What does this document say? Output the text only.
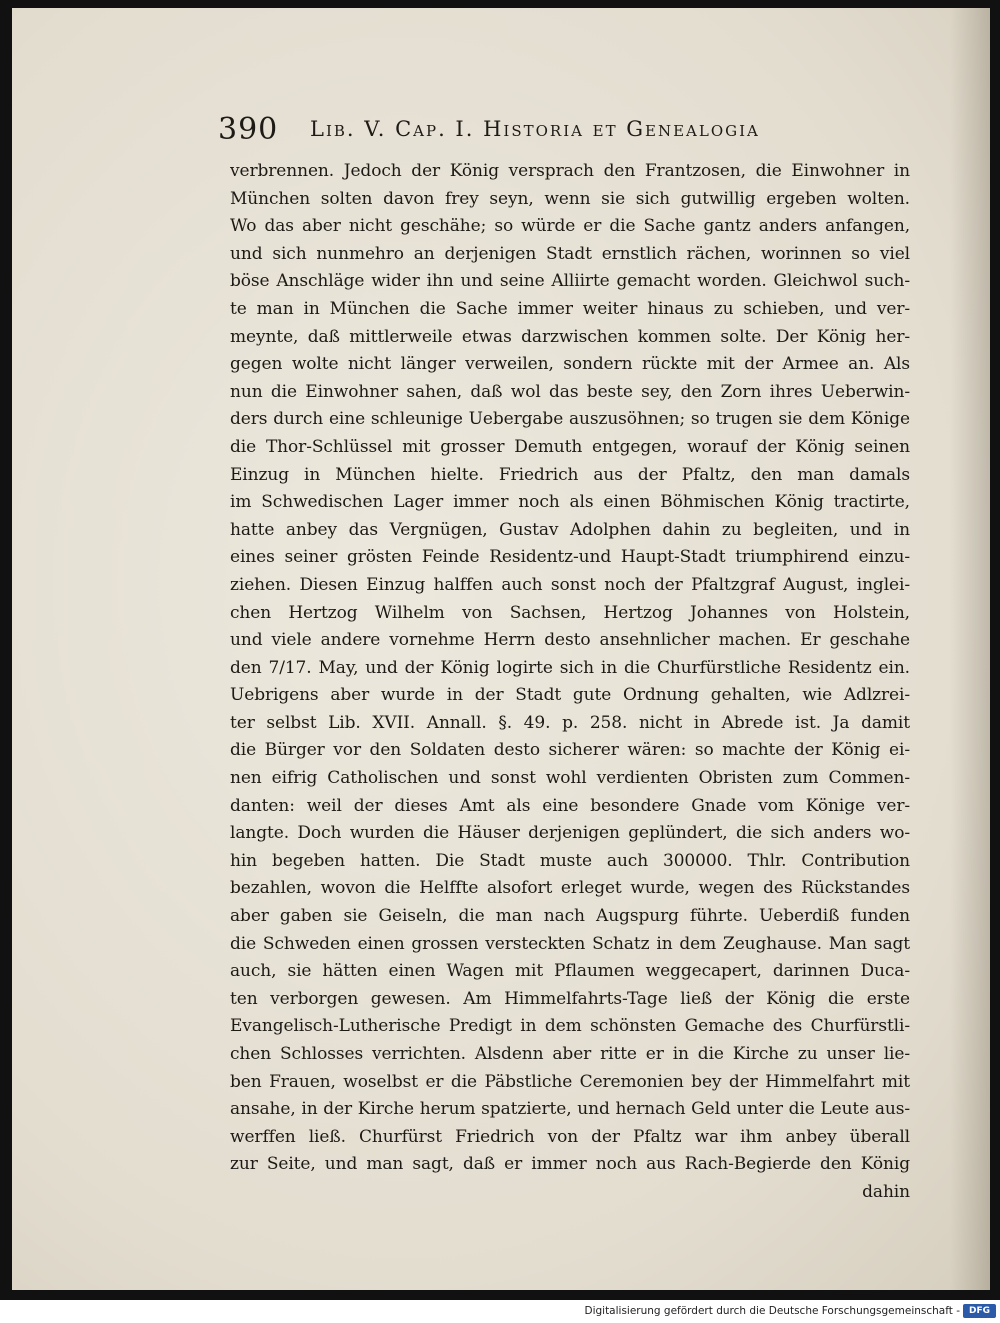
390 Lib. V. Cap. I. Historia et Genealogia
verbrennen. Jedoch der König versprach den Frantzosen, die Einwohner in
München solten davon frey seyn, wenn sie sich gutwillig ergeben wolten.
Wo das aber nicht geschähe; so würde er die Sache gantz anders anfangen,
und sich nunmehro an derjenigen Stadt ernstlich rächen, worinnen so viel
böse Anschläge wider ihn und seine Alliirte gemacht worden. Gleichwol such-
te man in München die Sache immer weiter hinaus zu schieben, und ver-
meynte, daß mittlerweile etwas darzwischen kommen solte. Der König her-
gegen wolte nicht länger verweilen, sondern rückte mit der Armee an. Als
nun die Einwohner sahen, daß wol das beste sey, den Zorn ihres Ueberwin-
ders durch eine schleunige Uebergabe auszusöhnen; so trugen sie dem Könige
die Thor-Schlüssel mit grosser Demuth entgegen, worauf der König seinen
Einzug in München hielte. Friedrich aus der Pfaltz, den man damals
im Schwedischen Lager immer noch als einen Böhmischen König tractirte,
hatte anbey das Vergnügen, Gustav Adolphen dahin zu begleiten, und in
eines seiner grösten Feinde Residentz-und Haupt-Stadt triumphirend einzu-
ziehen. Diesen Einzug halffen auch sonst noch der Pfaltzgraf August, inglei-
chen Hertzog Wilhelm von Sachsen, Hertzog Johannes von Holstein,
und viele andere vornehme Herrn desto ansehnlicher machen. Er geschahe
den 7/17. May, und der König logirte sich in die Churfürstliche Residentz ein.
Uebrigens aber wurde in der Stadt gute Ordnung gehalten, wie Adlzrei-
ter selbst Lib. XVII. Annall. §. 49. p. 258. nicht in Abrede ist. Ja damit
die Bürger vor den Soldaten desto sicherer wären: so machte der König ei-
nen eifrig Catholischen und sonst wohl verdienten Obristen zum Commen-
danten: weil der dieses Amt als eine besondere Gnade vom Könige ver-
langte. Doch wurden die Häuser derjenigen geplündert, die sich anders wo-
hin begeben hatten. Die Stadt muste auch 300000. Thlr. Contribution
bezahlen, wovon die Helffte alsofort erleget wurde, wegen des Rückstandes
aber gaben sie Geiseln, die man nach Augspurg führte. Ueberdiß funden
die Schweden einen grossen versteckten Schatz in dem Zeughause. Man sagt
auch, sie hätten einen Wagen mit Pflaumen weggecapert, darinnen Duca-
ten verborgen gewesen. Am Himmelfahrts-Tage ließ der König die erste
Evangelisch-Lutherische Predigt in dem schönsten Gemache des Churfürstli-
chen Schlosses verrichten. Alsdenn aber ritte er in die Kirche zu unser lie-
ben Frauen, woselbst er die Päbstliche Ceremonien bey der Himmelfahrt mit
ansahe, in der Kirche herum spatzierte, und hernach Geld unter die Leute aus-
werffen ließ. Churfürst Friedrich von der Pfaltz war ihm anbey überall
zur Seite, und man sagt, daß er immer noch aus Rach-Begierde den König
dahin
Digitalisierung gefördert durch die Deutsche Forschungsgemeinschaft - DFG
